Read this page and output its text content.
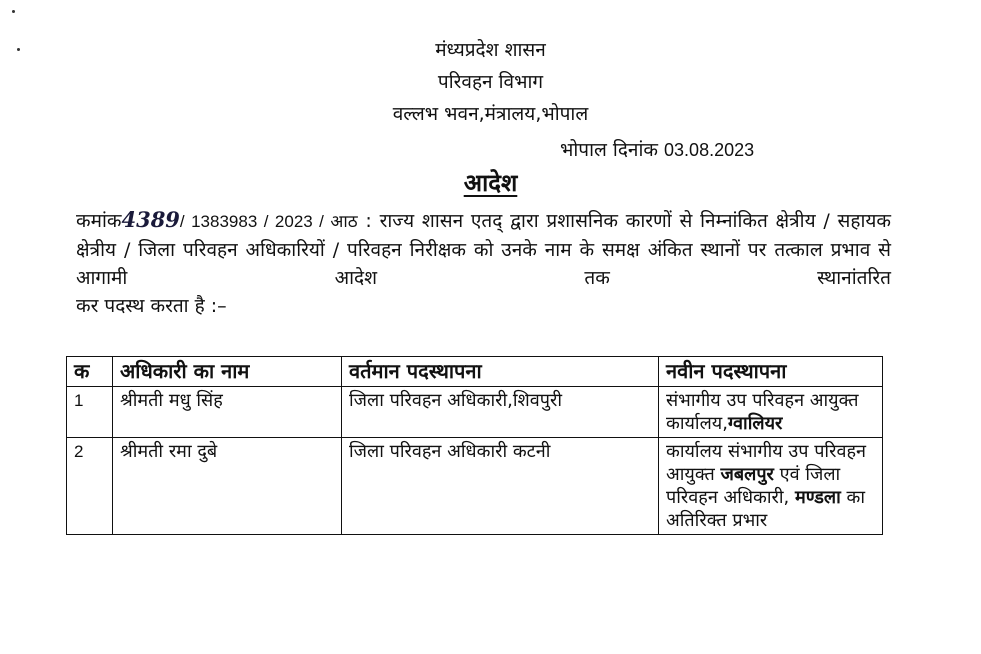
मंध्यप्रदेश शासन
परिवहन विभाग
वल्लभ भवन,मंत्रालय,भोपाल
भोपाल दिनांक 03.08.2023
आदेश
कमांक4389/ 1383983 / 2023 / आठ : राज्य शासन एतद् द्वारा प्रशासनिक कारणों से निम्नांकित क्षेत्रीय / सहायक क्षेत्रीय / जिला परिवहन अधिकारियों / परिवहन निरीक्षक को उनके नाम के समक्ष अंकित स्थानों पर तत्काल प्रभाव से आगामी आदेश तक स्थानांतरित
कर पदस्थ करता है :–
क	अधिकारी का नाम	वर्तमान पदस्थापना	नवीन पदस्थापना
1	श्रीमती मधु सिंह	जिला परिवहन अधिकारी,शिवपुरी	संभागीय उप परिवहन आयुक्त कार्यालय,ग्वालियर
2	श्रीमती रमा दुबे	जिला परिवहन अधिकारी कटनी	कार्यालय संभागीय उप परिवहन आयुक्त जबलपुर एवं जिला परिवहन अधिकारी, मण्डला का अतिरिक्त प्रभार
